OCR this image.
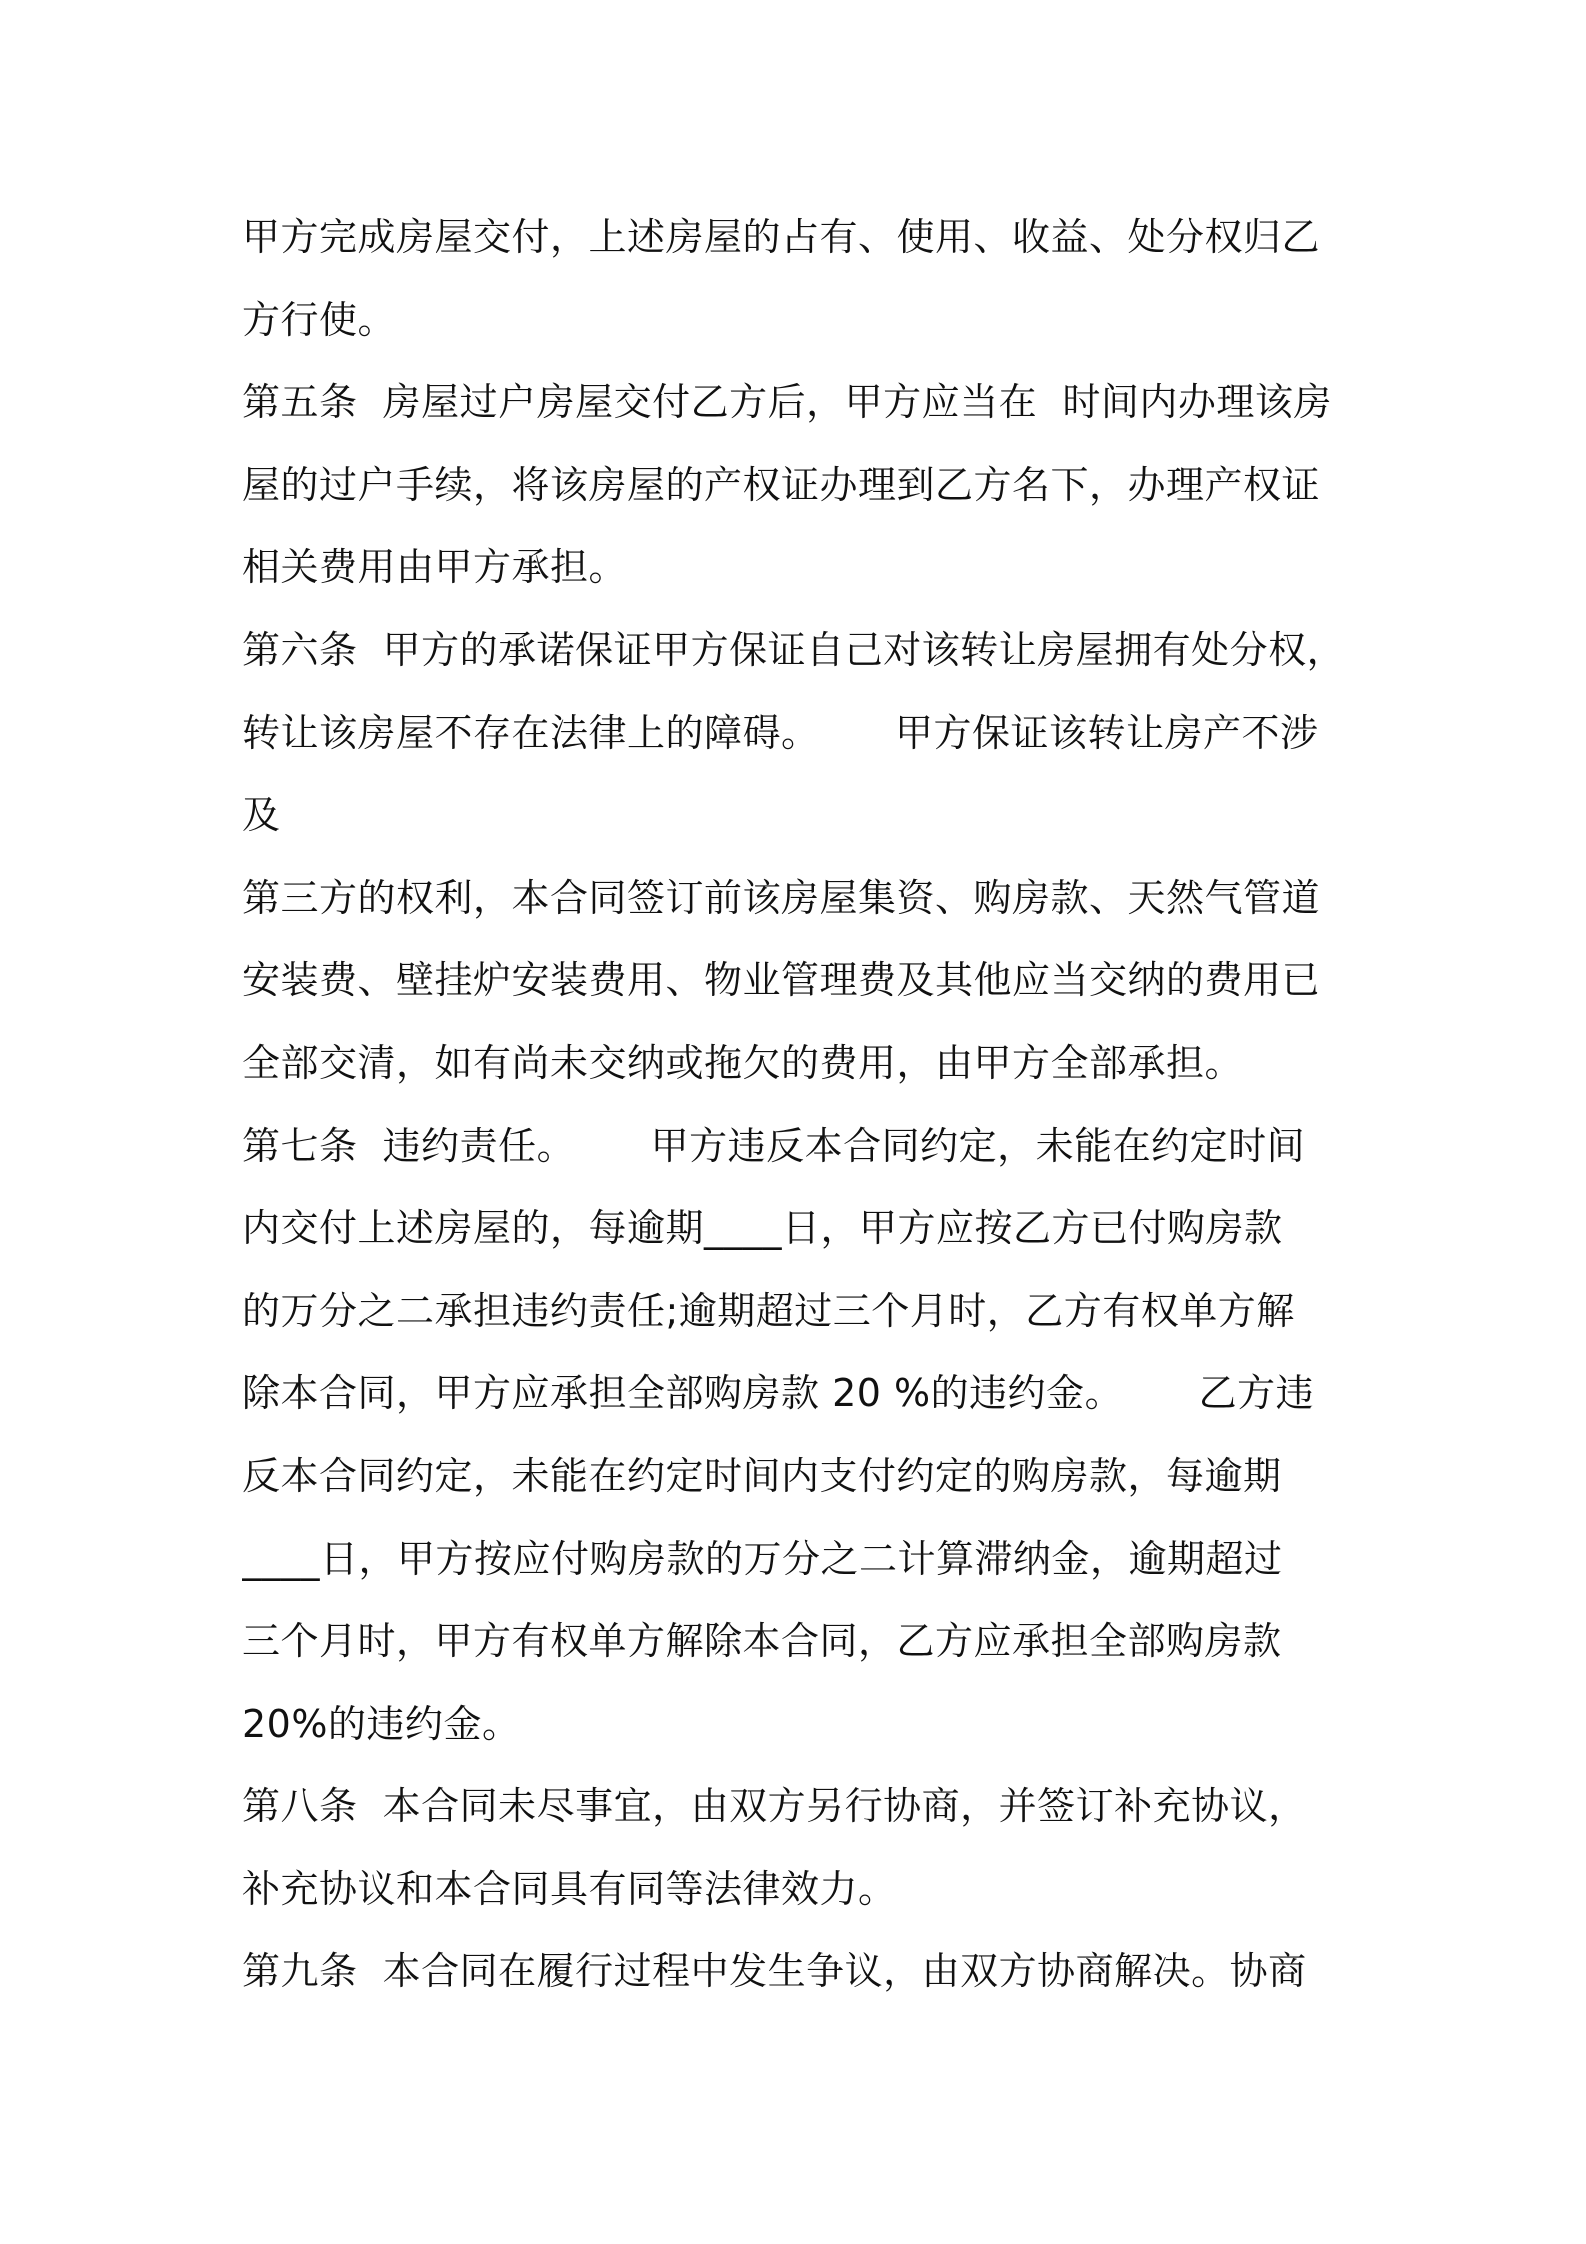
甲方完成房屋交付，上述房屋的占有、使用、收益、处分权归乙
方行使。
第五条  房屋过户房屋交付乙方后，甲方应当在  时间内办理该房
屋的过户手续，将该房屋的产权证办理到乙方名下，办理产权证
相关费用由甲方承担。
第六条  甲方的承诺保证甲方保证自己对该转让房屋拥有处分权，
转让该房屋不存在法律上的障碍。      甲方保证该转让房产不涉
及
第三方的权利，本合同签订前该房屋集资、购房款、天然气管道
安装费、壁挂炉安装费用、物业管理费及其他应当交纳的费用已
全部交清，如有尚未交纳或拖欠的费用，由甲方全部承担。
第七条  违约责任。      甲方违反本合同约定，未能在约定时间
内交付上述房屋的，每逾期____日，甲方应按乙方已付购房款
的万分之二承担违约责任;逾期超过三个月时，乙方有权单方解
除本合同，甲方应承担全部购房款 20 %的违约金。      乙方违
反本合同约定，未能在约定时间内支付约定的购房款，每逾期
____日，甲方按应付购房款的万分之二计算滞纳金，逾期超过
三个月时，甲方有权单方解除本合同，乙方应承担全部购房款
20%的违约金。
第八条  本合同未尽事宜，由双方另行协商，并签订补充协议，
补充协议和本合同具有同等法律效力。
第九条  本合同在履行过程中发生争议，由双方协商解决。协商
